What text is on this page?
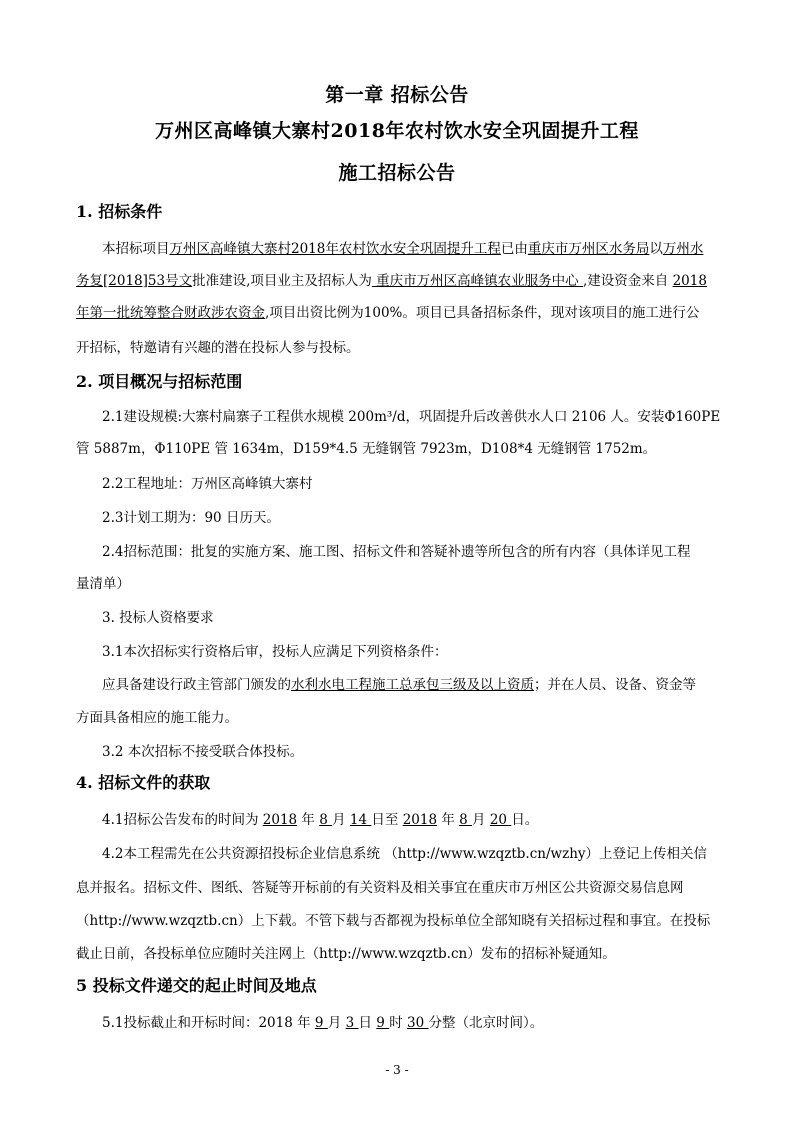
第一章 招标公告
万州区高峰镇大寨村2018年农村饮水安全巩固提升工程
施工招标公告
1. 招标条件
本招标项目万州区高峰镇大寨村2018年农村饮水安全巩固提升工程已由重庆市万州区水务局以万州水
务复[2018]53号文批准建设,项目业主及招标人为 重庆市万州区高峰镇农业服务中心 ,建设资金来自 2018
年第一批统筹整合财政涉农资金,项目出资比例为100%。项目已具备招标条件，现对该项目的施工进行公
开招标，特邀请有兴趣的潜在投标人参与投标。
2. 项目概况与招标范围
2.1建设规模:大寨村扁寨子工程供水规模 200m³/d，巩固提升后改善供水人口 2106 人。安装Φ160PE
管 5887m，Φ110PE 管 1634m，D159*4.5 无缝钢管 7923m，D108*4 无缝钢管 1752m。
2.2工程地址：万州区高峰镇大寨村
2.3计划工期为：90 日历天。
2.4招标范围：批复的实施方案、施工图、招标文件和答疑补遗等所包含的所有内容（具体详见工程
量清单）
3. 投标人资格要求
3.1本次招标实行资格后审，投标人应满足下列资格条件：
应具备建设行政主管部门颁发的水利水电工程施工总承包三级及以上资质；并在人员、设备、资金等
方面具备相应的施工能力。
3.2 本次招标不接受联合体投标。
4. 招标文件的获取
4.1招标公告发布的时间为 2018 年 8 月 14 日至 2018 年 8 月 20 日。
4.2本工程需先在公共资源招投标企业信息系统 （http://www.wzqztb.cn/wzhy）上登记上传相关信
息并报名。招标文件、图纸、答疑等开标前的有关资料及相关事宜在重庆市万州区公共资源交易信息网
（http://www.wzqztb.cn）上下载。不管下载与否都视为投标单位全部知晓有关招标过程和事宜。在投标
截止日前，各投标单位应随时关注网上（http://www.wzqztb.cn）发布的招标补疑通知。
5 投标文件递交的起止时间及地点
5.1投标截止和开标时间：2018 年 9 月 3 日 9 时 30 分整（北京时间）。
- 3 -
